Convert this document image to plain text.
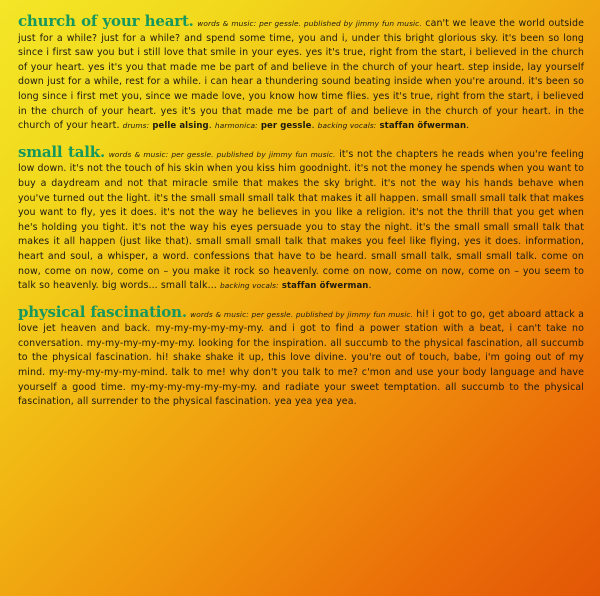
church of your heart. words & music: per gessle. published by jimmy fun music. can't we leave the world outside just for a while? just for a while? and spend some time, you and i, under this bright glorious sky. it's been so long since i first saw you but i still love that smile in your eyes. yes it's true, right from the start, i believed in the church of your heart. yes it's you that made me be part of and believe in the church of your heart. step inside, lay yourself down just for a while, rest for a while. i can hear a thundering sound beating inside when you're around. it's been so long since i first met you, since we made love, you know how time flies. yes it's true, right from the start, i believed in the church of your heart. yes it's you that made me be part of and believe in the church of your heart. in the church of your heart. drums: pelle alsing. harmonica: per gessle. backing vocals: staffan öfwerman.

small talk. words & music: per gessle. published by jimmy fun music. it's not the chapters he reads when you're feeling low down. it's not the touch of his skin when you kiss him goodnight. it's not the money he spends when you want to buy a daydream and not that miracle smile that makes the sky bright. it's not the way his hands behave when you've turned out the light. it's the small small small talk that makes it all happen. small small small talk that makes you want to fly, yes it does. it's not the way he believes in you like a religion. it's not the thrill that you get when he's holding you tight. it's not the way his eyes persuade you to stay the night. it's the small small small talk that makes it all happen (just like that). small small small talk that makes you feel like flying, yes it does. information, heart and soul, a whisper, a word. confessions that have to be heard. small small talk, small small talk. come on now, come on now, come on – you make it rock so heavenly. come on now, come on now, come on – you seem to talk so heavenly. big words... small talk... backing vocals: staffan öfwerman.

physical fascination. words & music: per gessle. published by jimmy fun music. hi! i got to go, get aboard attack a love jet heaven and back. my-my-my-my-my-my. and i got to find a power station with a beat, i can't take no conversation. my-my-my-my-my-my. looking for the inspiration. all succumb to the physical fascination, all succumb to the physical fascination. hi! shake shake it up, this love divine. you're out of touch, babe, i'm going out of my mind. my-my-my-my-my-mind. talk to me! why don't you talk to me? c'mon and use your body language and have yourself a good time. my-my-my-my-my-my-my. and radiate your sweet temptation. all succumb to the physical fascination, all surrender to the physical fascination. yea yea yea yea.
